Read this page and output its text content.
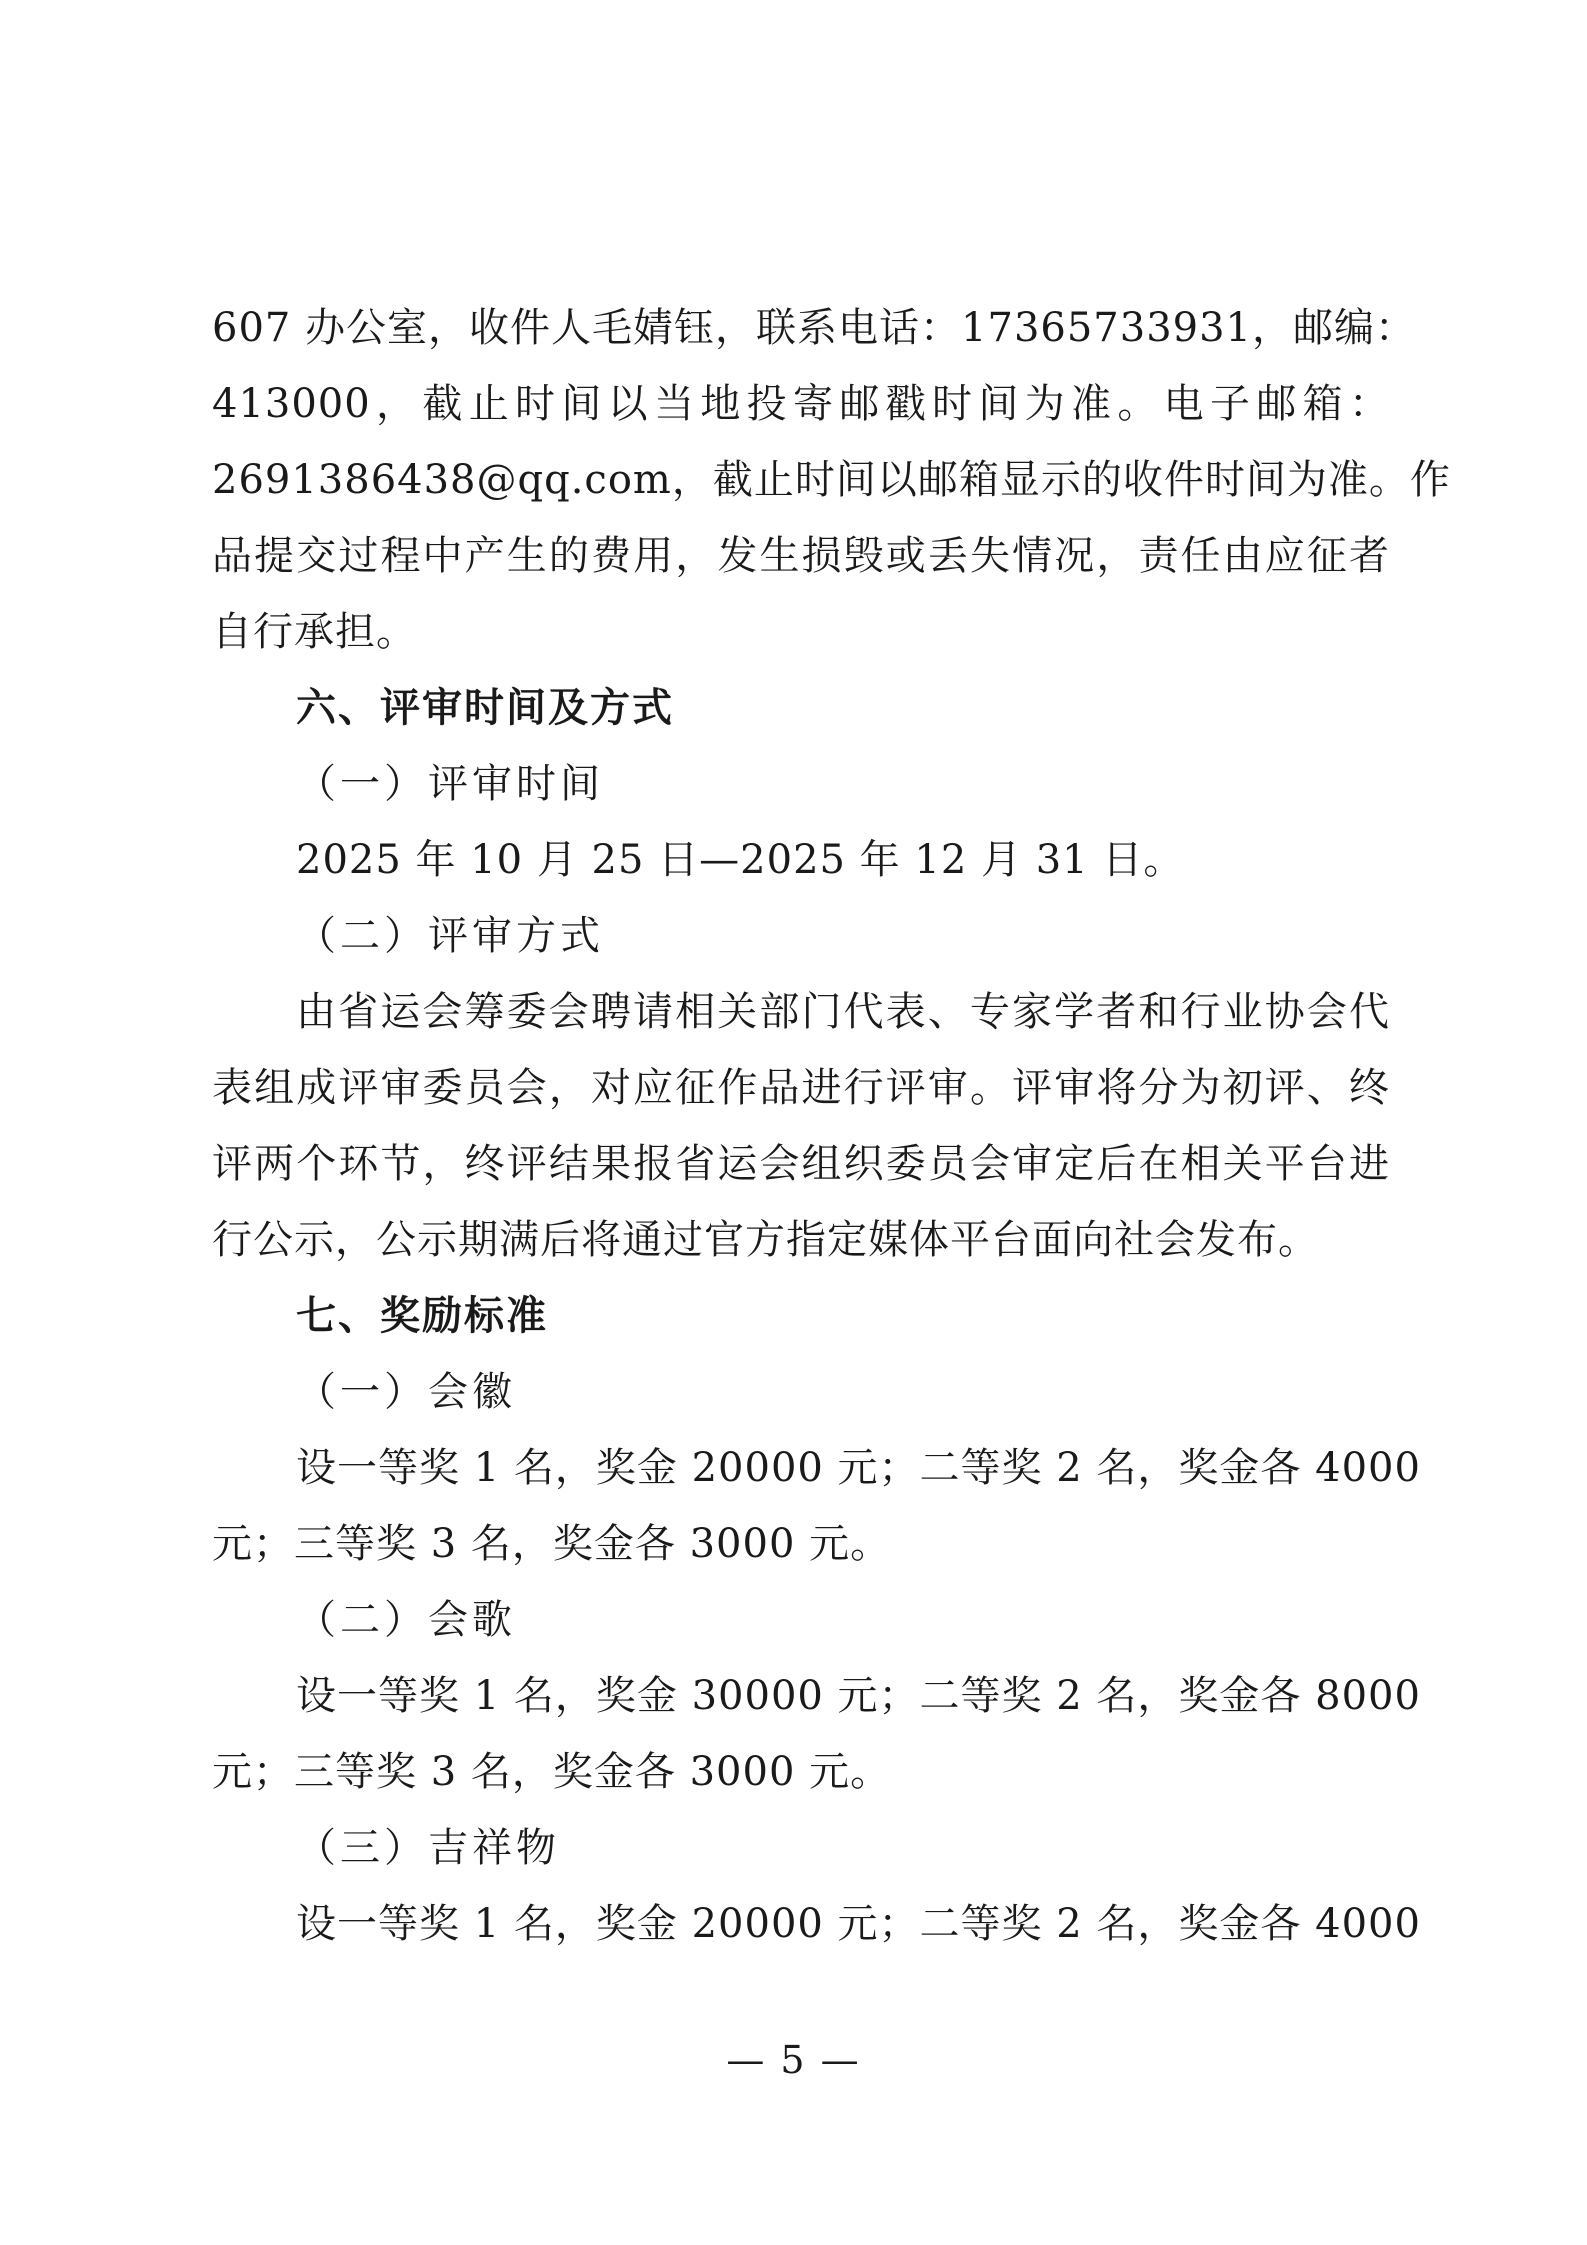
607 办公室，收件人毛婧钰，联系电话：17365733931，邮编：
413000，截止时间以当地投寄邮戳时间为准。电子邮箱：
2691386438@qq.com，截止时间以邮箱显示的收件时间为准。作
品提交过程中产生的费用，发生损毁或丢失情况，责任由应征者
自行承担。
六、评审时间及方式
（一）评审时间
2025 年 10 月 25 日—2025 年 12 月 31 日。
（二）评审方式
由省运会筹委会聘请相关部门代表、专家学者和行业协会代
表组成评审委员会，对应征作品进行评审。评审将分为初评、终
评两个环节，终评结果报省运会组织委员会审定后在相关平台进
行公示，公示期满后将通过官方指定媒体平台面向社会发布。
七、奖励标准
（一）会徽
设一等奖 1 名，奖金 20000 元；二等奖 2 名，奖金各 4000
元；三等奖 3 名，奖金各 3000 元。
（二）会歌
设一等奖 1 名，奖金 30000 元；二等奖 2 名，奖金各 8000
元；三等奖 3 名，奖金各 3000 元。
（三）吉祥物
设一等奖 1 名，奖金 20000 元；二等奖 2 名，奖金各 4000
— 5 —
